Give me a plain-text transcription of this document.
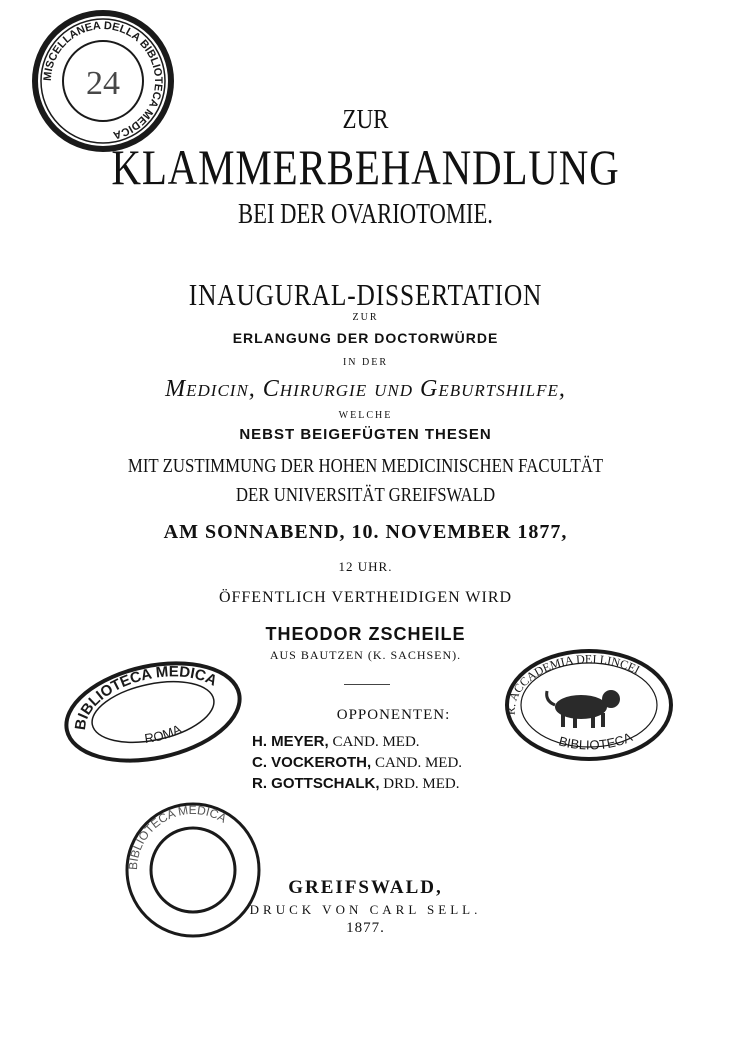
MISCELLANEA DELLA BIBLIOTECA MEDICA
24
ZUR
KLAMMERBEHANDLUNG
BEI DER OVARIOTOMIE.
INAUGURAL-DISSERTATION
ZUR
ERLANGUNG DER DOCTORWÜRDE
IN DER
Medicin, Chirurgie und Geburtshilfe,
WELCHE
NEBST BEIGEFÜGTEN THESEN
MIT ZUSTIMMUNG DER HOHEN MEDICINISCHEN FACULTÄT
DER UNIVERSITÄT GREIFSWALD
AM SONNABEND, 10. NOVEMBER 1877,
12 UHR.
ÖFFENTLICH VERTHEIDIGEN WIRD
THEODOR ZSCHEILE
AUS BAUTZEN (K. SACHSEN).
BIBLIOTECA MEDICA
ROMA
R. ACCADEMIA DEI LINCEI
BIBLIOTECA
OPPONENTEN:
H. MEYER, CAND. MED.
C. VOCKEROTH, CAND. MED.
R. GOTTSCHALK, DRD. MED.
BIBLIOTECA MEDICA
GREIFSWALD,
DRUCK VON CARL SELL.
1877.
